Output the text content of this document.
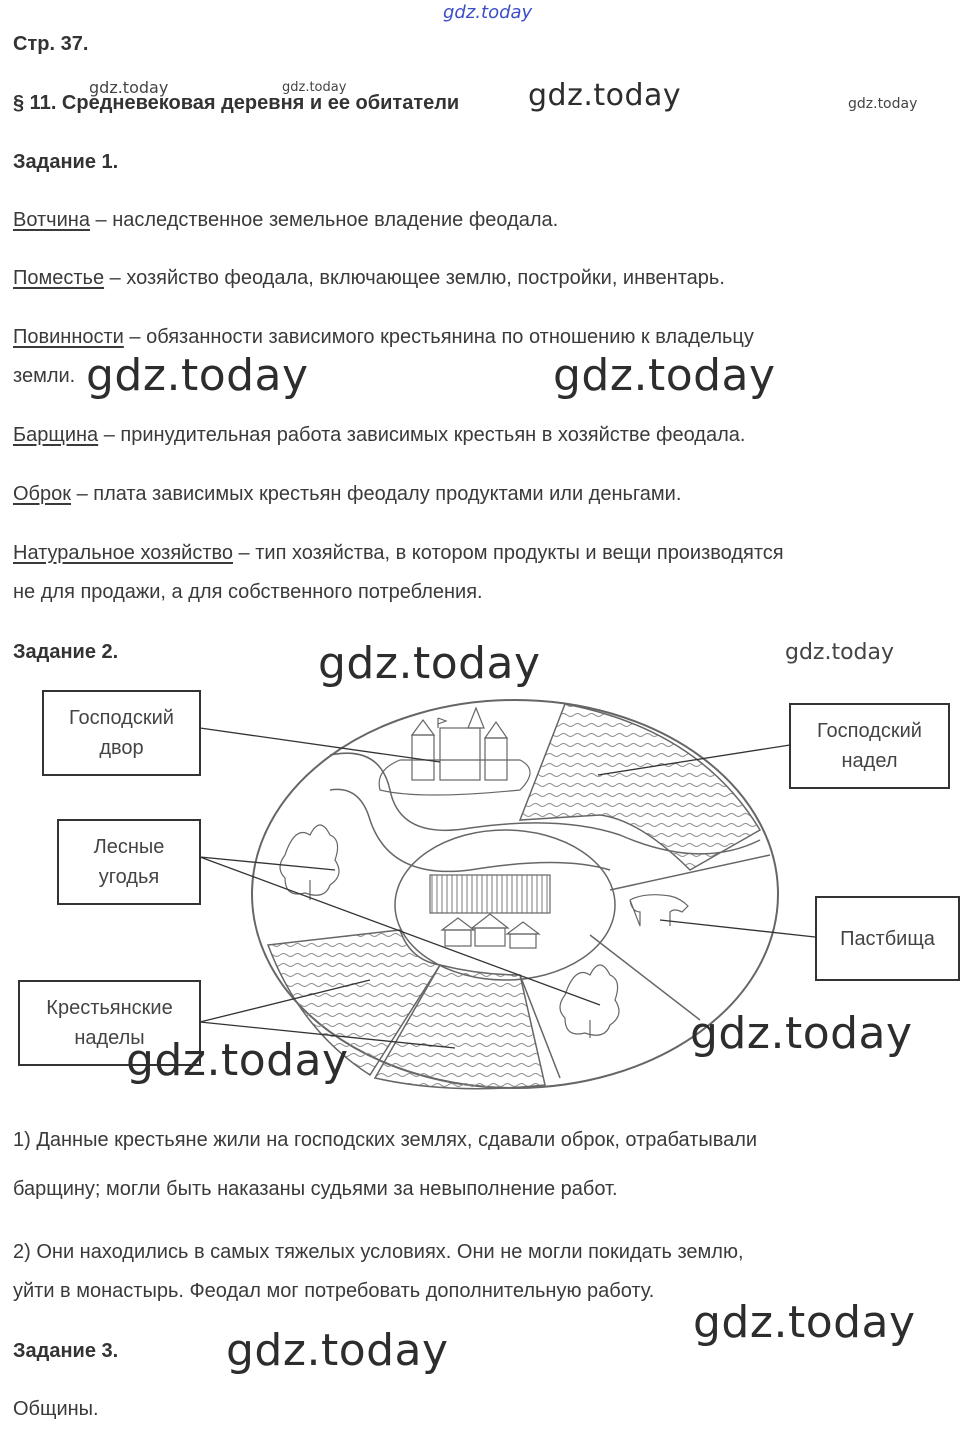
gdz.today
Стр. 37.
§ 11. Средневековая деревня и ее обитатели
gdz.today	gdz.today	gdz.today	gdz.today
Задание 1.
Вотчина – наследственное земельное владение феодала.
Поместье – хозяйство феодала, включающее землю, постройки, инвентарь.
Повинности – обязанности зависимого крестьянина по отношению к владельцу
земли. gdz.today	gdz.today
Барщина – принудительная работа зависимых крестьян в хозяйстве феодала.
Оброк – плата зависимых крестьян феодалу продуктами или деньгами.
Натуральное хозяйство – тип хозяйства, в котором продукты и вещи производятся
не для продажи, а для собственного потребления.
Задание 2.	gdz.today	gdz.today
Господский
двор
Господский
надел
Лесные
угодья
Пастбища
Крестьянские
наделы	gdz.today
gdz.today
1) Данные крестьяне жили на господских землях, сдавали оброк, отрабатывали
барщину; могли быть наказаны судьями за невыполнение работ.
2) Они находились в самых тяжелых условиях. Они не могли покидать землю,
уйти в монастырь. Феодал мог потребовать дополнительную работу.
gdz.today
Задание 3. gdz.today
Общины.
